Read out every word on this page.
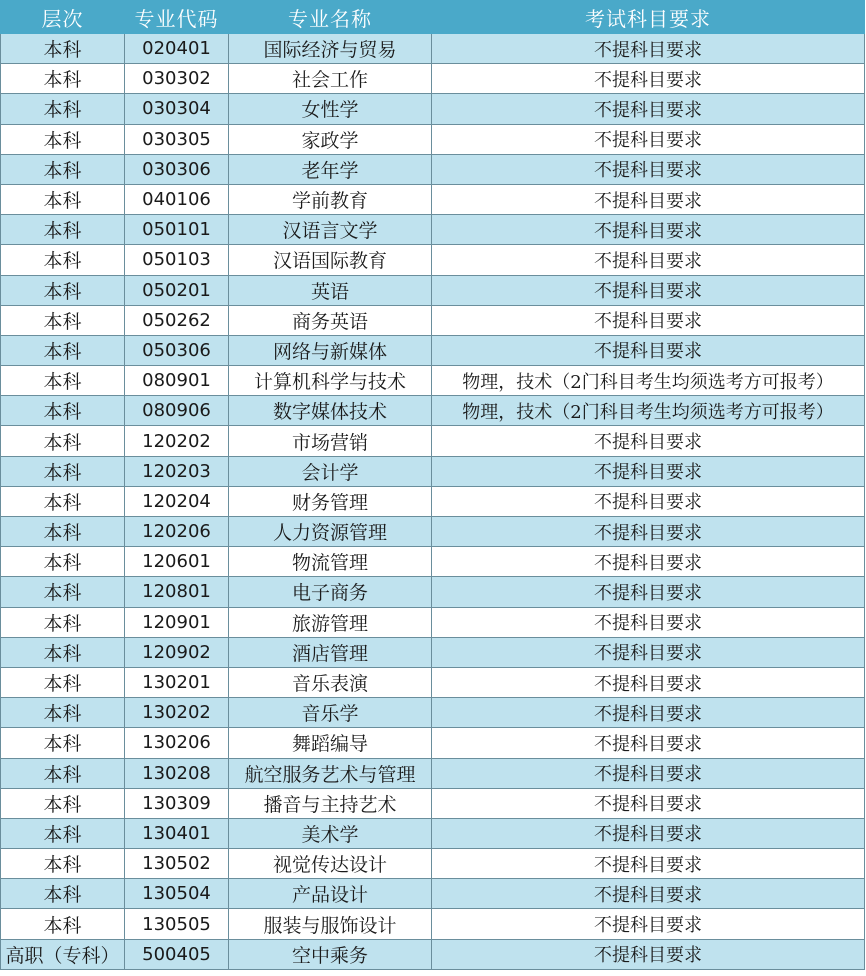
层次	专业代码	专业名称	考试科目要求
本科	020401	国际经济与贸易	不提科目要求
本科	030302	社会工作	不提科目要求
本科	030304	女性学	不提科目要求
本科	030305	家政学	不提科目要求
本科	030306	老年学	不提科目要求
本科	040106	学前教育	不提科目要求
本科	050101	汉语言文学	不提科目要求
本科	050103	汉语国际教育	不提科目要求
本科	050201	英语	不提科目要求
本科	050262	商务英语	不提科目要求
本科	050306	网络与新媒体	不提科目要求
本科	080901	计算机科学与技术	物理，技术（2门科目考生均须选考方可报考）
本科	080906	数字媒体技术	物理，技术（2门科目考生均须选考方可报考）
本科	120202	市场营销	不提科目要求
本科	120203	会计学	不提科目要求
本科	120204	财务管理	不提科目要求
本科	120206	人力资源管理	不提科目要求
本科	120601	物流管理	不提科目要求
本科	120801	电子商务	不提科目要求
本科	120901	旅游管理	不提科目要求
本科	120902	酒店管理	不提科目要求
本科	130201	音乐表演	不提科目要求
本科	130202	音乐学	不提科目要求
本科	130206	舞蹈编导	不提科目要求
本科	130208	航空服务艺术与管理	不提科目要求
本科	130309	播音与主持艺术	不提科目要求
本科	130401	美术学	不提科目要求
本科	130502	视觉传达设计	不提科目要求
本科	130504	产品设计	不提科目要求
本科	130505	服装与服饰设计	不提科目要求
高职（专科）	500405	空中乘务	不提科目要求
